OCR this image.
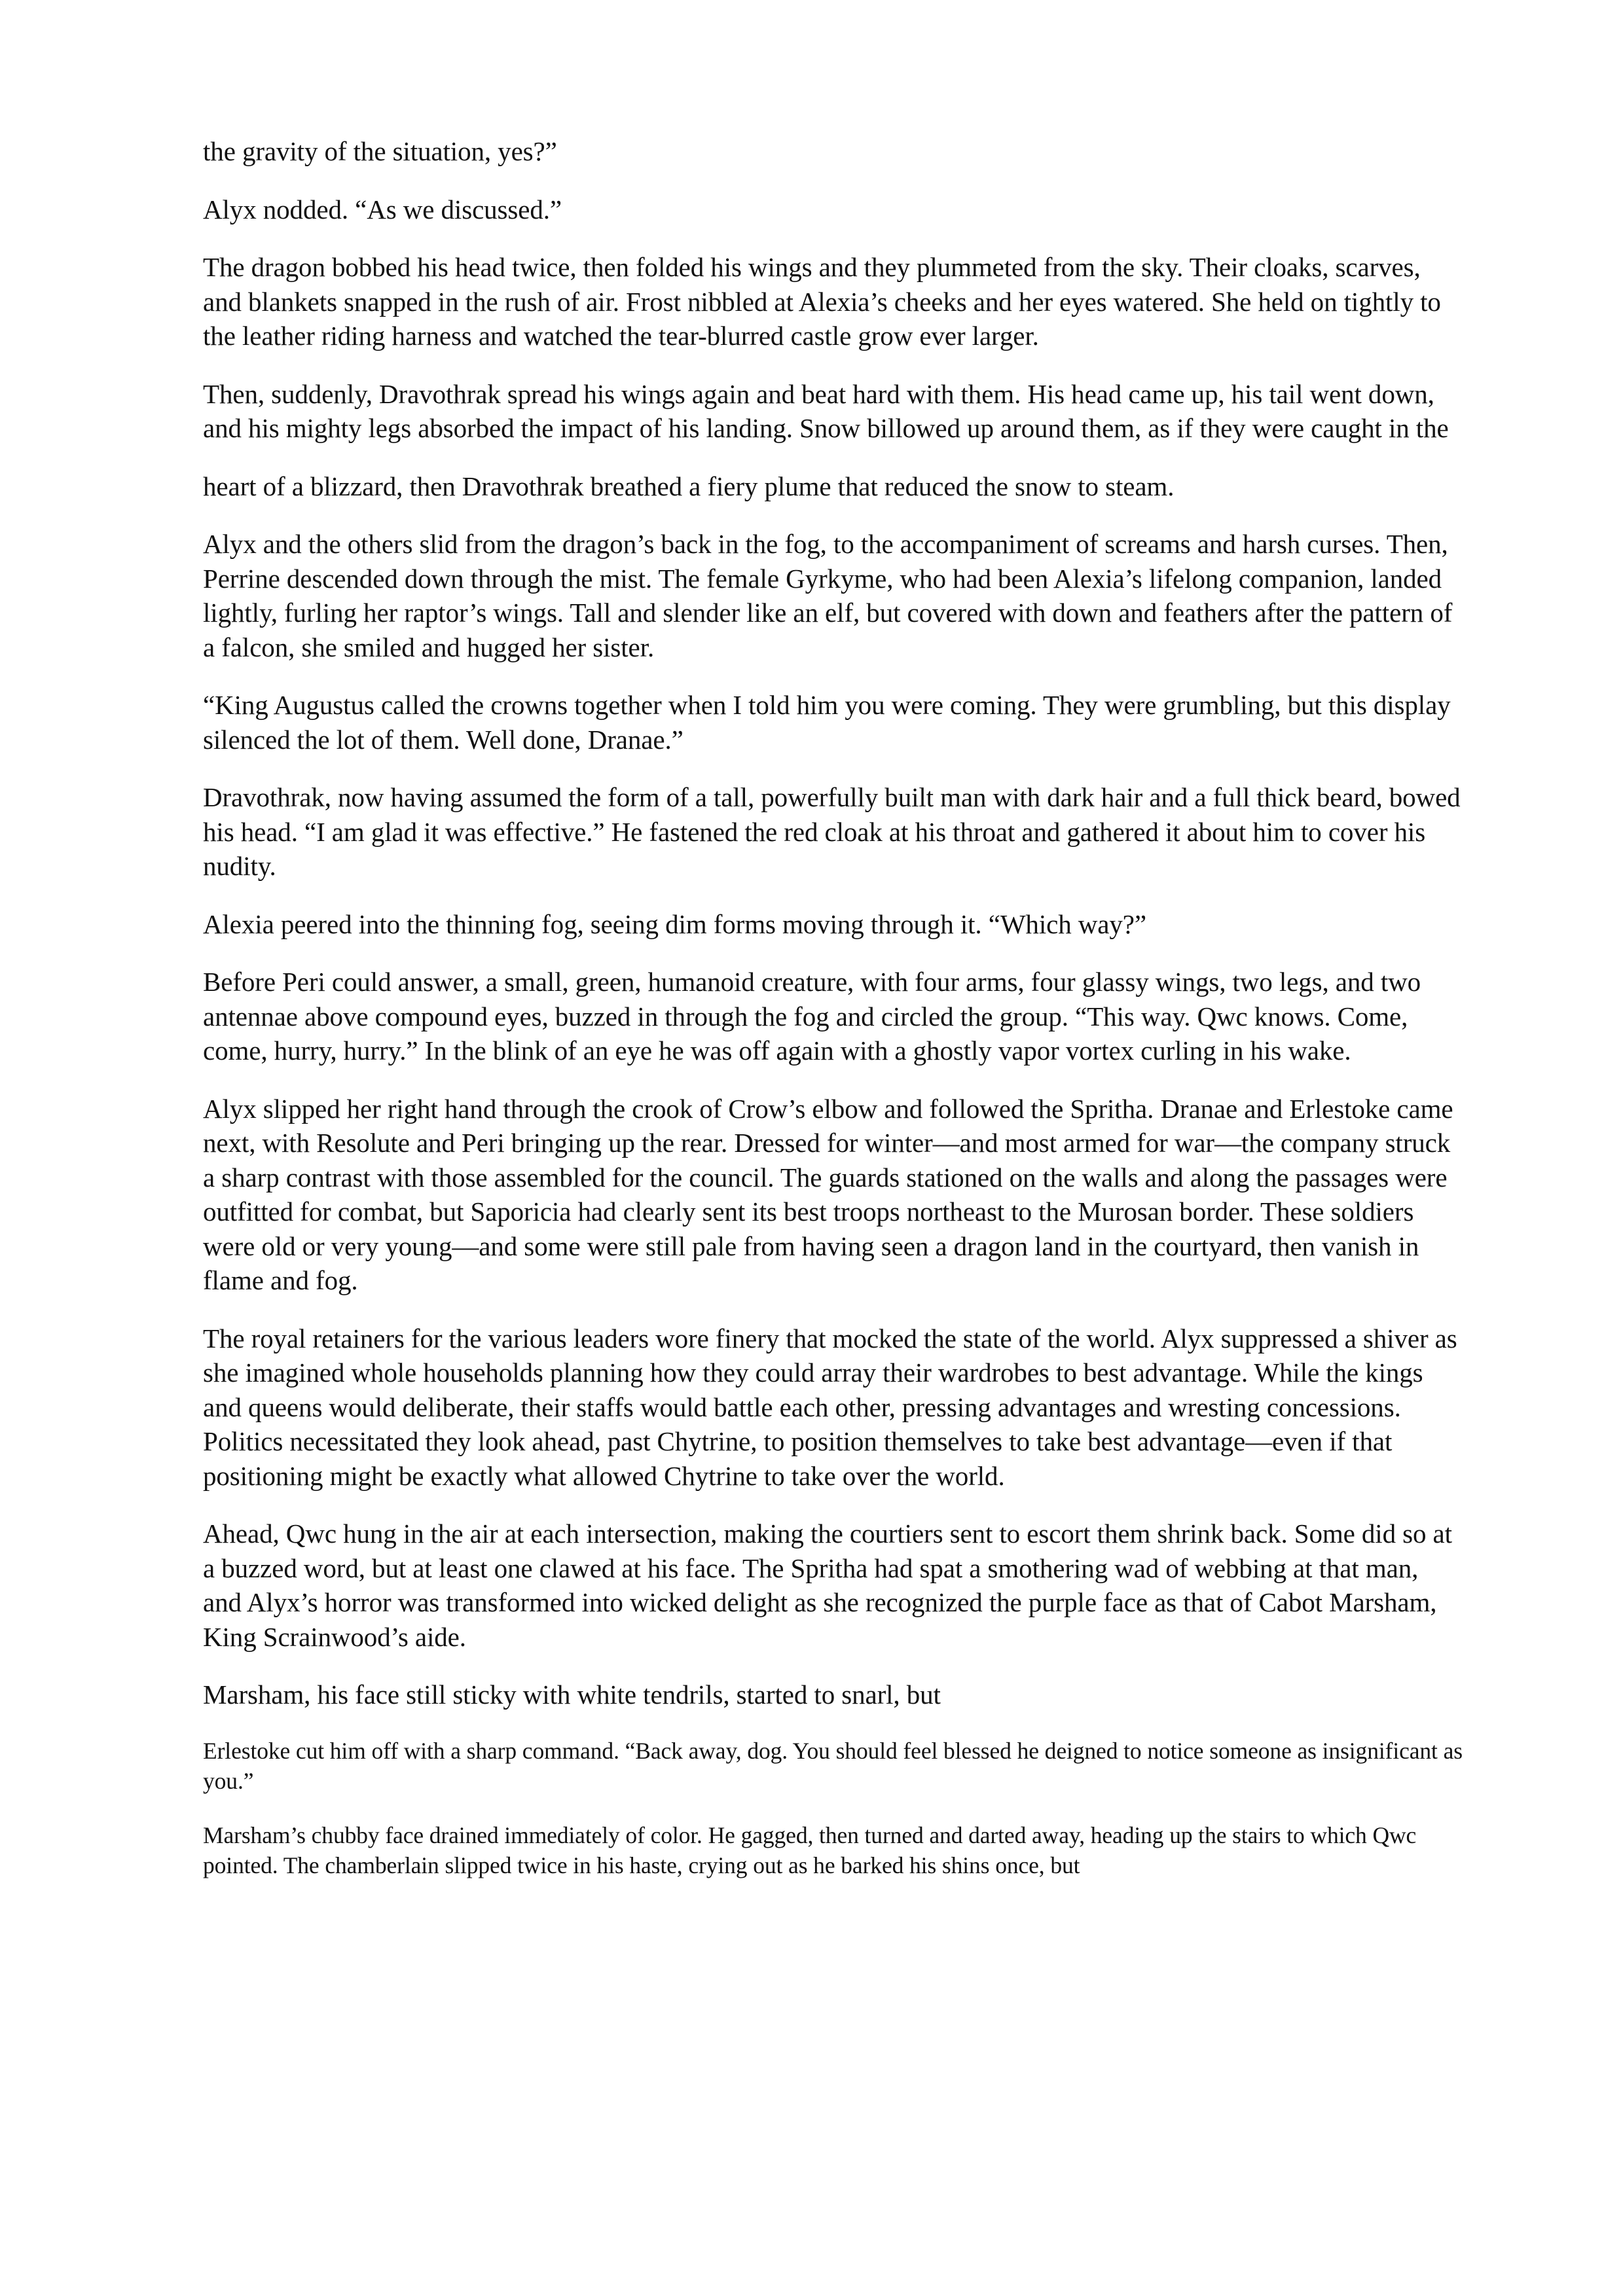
the gravity of the situation, yes?”

Alyx nodded. “As we discussed.”

The dragon bobbed his head twice, then folded his wings and they plummeted from the sky. Their cloaks, scarves, and blankets snapped in the rush of air. Frost nibbled at Alexia’s cheeks and her eyes watered. She held on tightly to the leather riding harness and watched the tear-blurred castle grow ever larger.

Then, suddenly, Dravothrak spread his wings again and beat hard with them. His head came up, his tail went down, and his mighty legs absorbed the impact of his landing. Snow billowed up around them, as if they were caught in the

heart of a blizzard, then Dravothrak breathed a fiery plume that reduced the snow to steam.

Alyx and the others slid from the dragon’s back in the fog, to the accompaniment of screams and harsh curses. Then, Perrine descended down through the mist. The female Gyrkyme, who had been Alexia’s lifelong companion, landed lightly, furling her raptor’s wings. Tall and slender like an elf, but covered with down and feathers after the pattern of a falcon, she smiled and hugged her sister.

“King Augustus called the crowns together when I told him you were coming. They were grumbling, but this display silenced the lot of them. Well done, Dranae.”

Dravothrak, now having assumed the form of a tall, powerfully built man with dark hair and a full thick beard, bowed his head. “I am glad it was effective.” He fastened the red cloak at his throat and gathered it about him to cover his nudity.

Alexia peered into the thinning fog, seeing dim forms moving through it. “Which way?”

Before Peri could answer, a small, green, humanoid creature, with four arms, four glassy wings, two legs, and two antennae above compound eyes, buzzed in through the fog and circled the group. “This way. Qwc knows. Come, come, hurry, hurry.” In the blink of an eye he was off again with a ghostly vapor vortex curling in his wake.

Alyx slipped her right hand through the crook of Crow’s elbow and followed the Spritha. Dranae and Erlestoke came next, with Resolute and Peri bringing up the rear. Dressed for winter—and most armed for war—the company struck a sharp contrast with those assembled for the council. The guards stationed on the walls and along the passages were outfitted for combat, but Saporicia had clearly sent its best troops northeast to the Murosan border. These soldiers were old or very young—and some were still pale from having seen a dragon land in the courtyard, then vanish in flame and fog.

The royal retainers for the various leaders wore finery that mocked the state of the world. Alyx suppressed a shiver as she imagined whole households planning how they could array their wardrobes to best advantage. While the kings and queens would deliberate, their staffs would battle each other, pressing advantages and wresting concessions. Politics necessitated they look ahead, past Chytrine, to position themselves to take best advantage—even if that positioning might be exactly what allowed Chytrine to take over the world.

Ahead, Qwc hung in the air at each intersection, making the courtiers sent to escort them shrink back. Some did so at a buzzed word, but at least one clawed at his face. The Spritha had spat a smothering wad of webbing at that man, and Alyx’s horror was transformed into wicked delight as she recognized the purple face as that of Cabot Marsham, King Scrainwood’s aide.

Marsham, his face still sticky with white tendrils, started to snarl, but

Erlestoke cut him off with a sharp command. “Back away, dog. You should feel blessed he deigned to notice someone as insignificant as you.”

Marsham’s chubby face drained immediately of color. He gagged, then turned and darted away, heading up the stairs to which Qwc pointed. The chamberlain slipped twice in his haste, crying out as he barked his shins once, but
